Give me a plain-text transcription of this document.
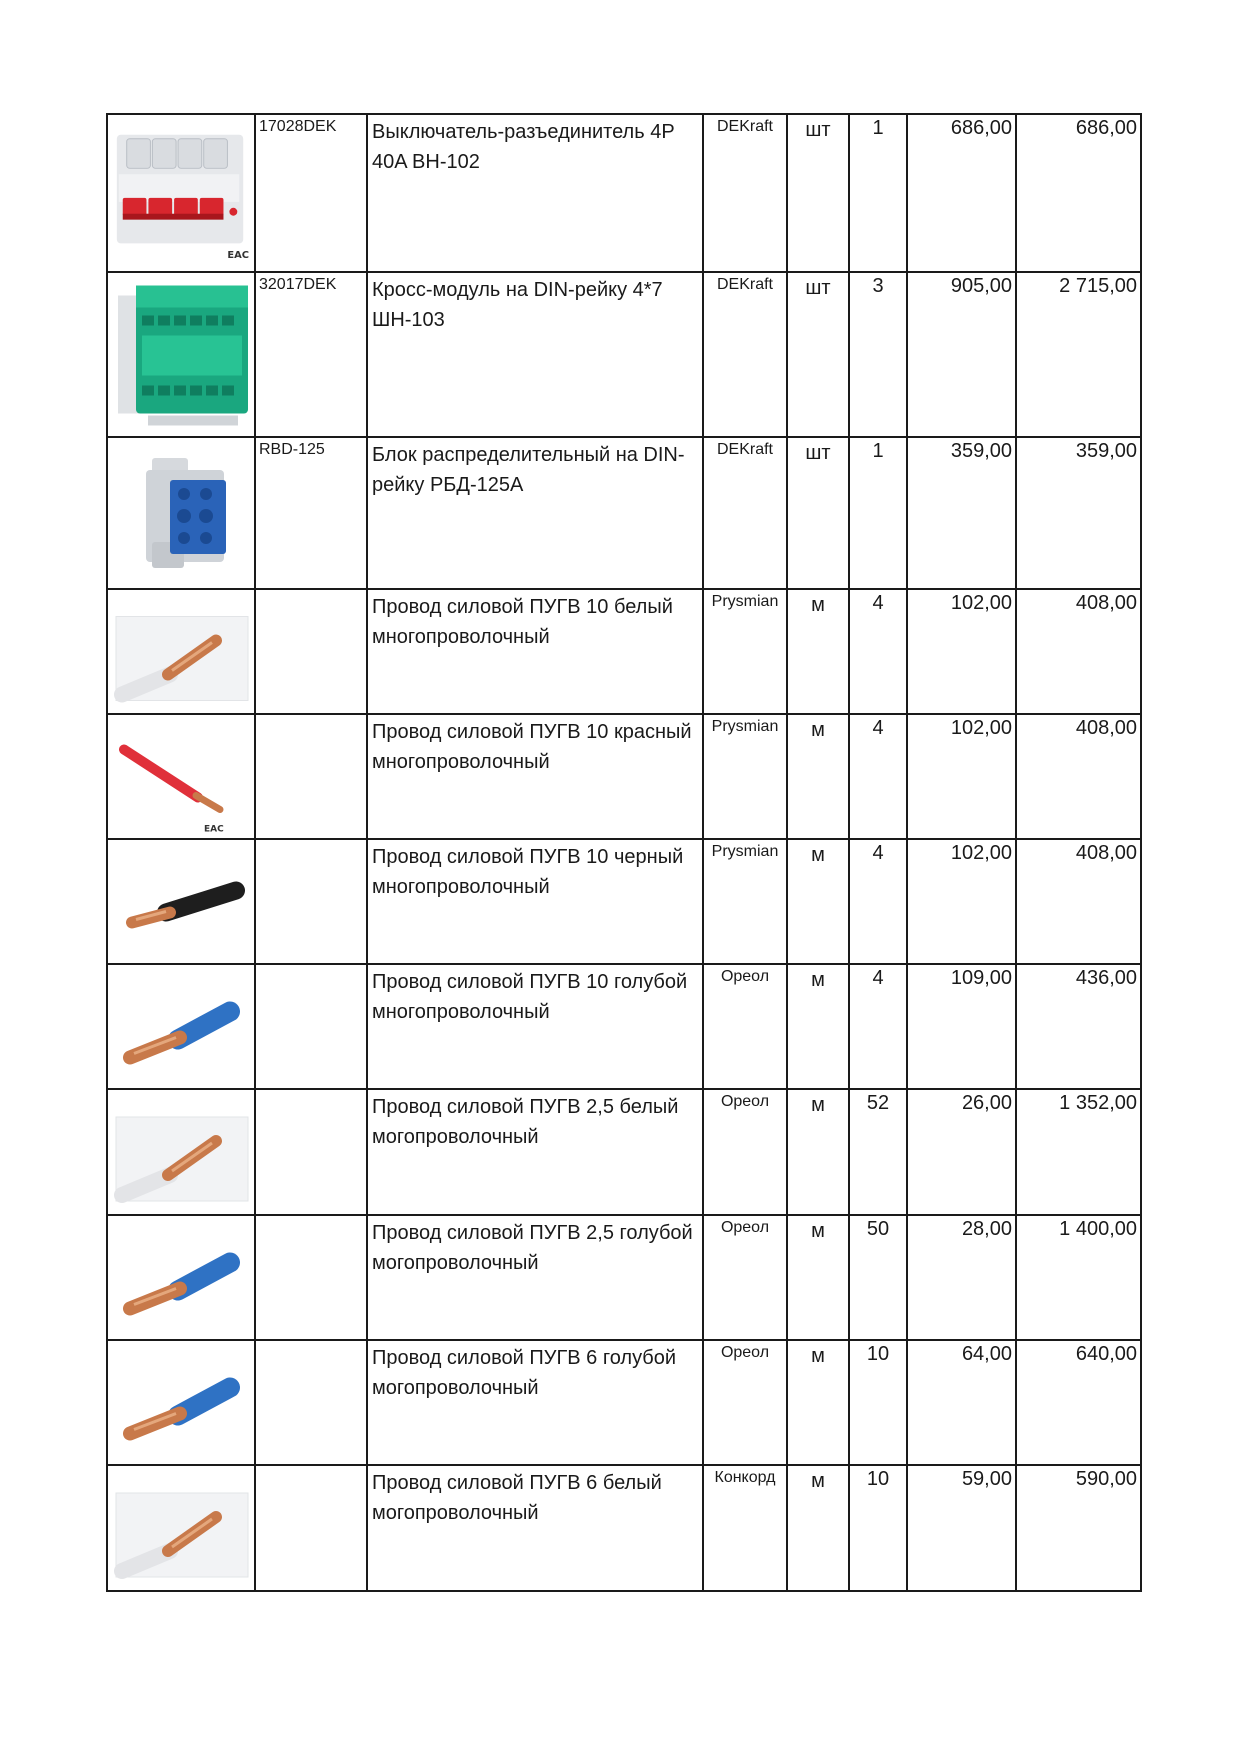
EAC	17028DEK	Выключатель-разъединитель 4P 40A ВН-102	DEKraft	шт	1	686,00	686,00

	32017DEK	Кросс-модуль на DIN-рейку 4*7 ШН-103	DEKraft	шт	3	905,00	2 715,00

	RBD-125	Блок распределительный на DIN-рейку РБД-125А	DEKraft	шт	1	359,00	359,00

		Провод силовой ПУГВ 10 белый многопроволочный	Prysmian	м	4	102,00	408,00

EAC		Провод силовой ПУГВ 10 красный многопроволочный	Prysmian	м	4	102,00	408,00

		Провод силовой ПУГВ 10 черный многопроволочный	Prysmian	м	4	102,00	408,00

		Провод силовой ПУГВ 10 голубой многопроволочный	Ореол	м	4	109,00	436,00

		Провод силовой ПУГВ 2,5 белый могопроволочный	Ореол	м	52	26,00	1 352,00

		Провод силовой ПУГВ 2,5 голубой могопроволочный	Ореол	м	50	28,00	1 400,00

		Провод силовой ПУГВ 6 голубой могопроволочный	Ореол	м	10	64,00	640,00

		Провод силовой ПУГВ 6 белый могопроволочный	Конкорд	м	10	59,00	590,00
